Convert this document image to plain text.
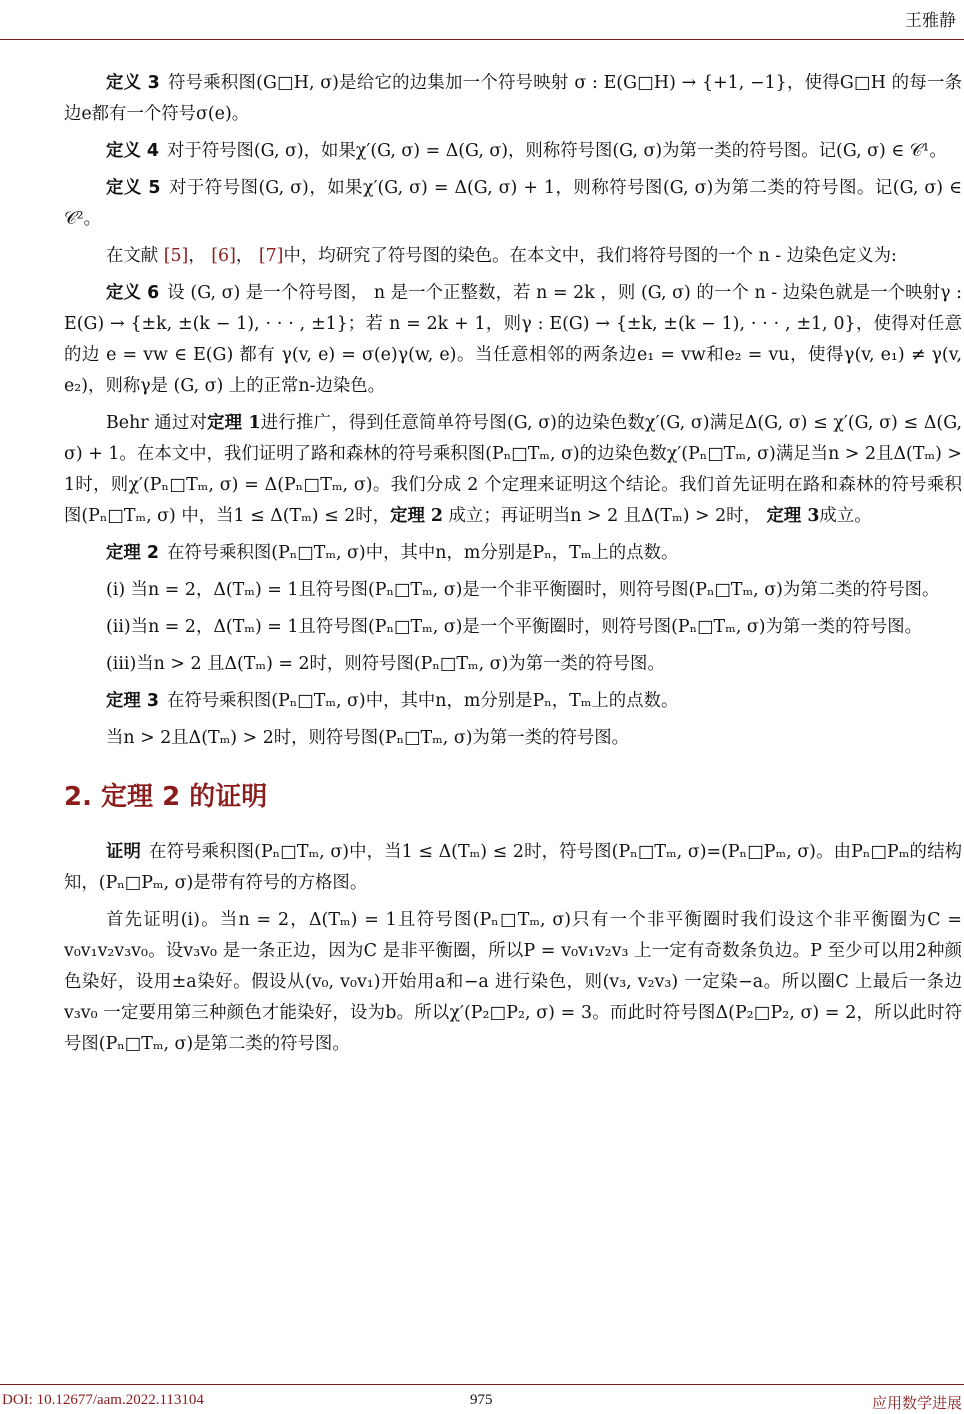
王雅静

定义 3 符号乘积图(G□H, σ)是给它的边集加一个符号映射 σ : E(G□H) → {+1, −1}，使得G□H 的每一条边e都有一个符号σ(e)。

定义 4 对于符号图(G, σ)，如果χ′(G, σ) = Δ(G, σ)，则称符号图(G, σ)为第一类的符号图。记(G, σ) ∈ 𝒞¹。

定义 5 对于符号图(G, σ)，如果χ′(G, σ) = Δ(G, σ) + 1，则称符号图(G, σ)为第二类的符号图。记(G, σ) ∈ 𝒞²。

在文献 [5]， [6]， [7]中，均研究了符号图的染色。在本文中，我们将符号图的一个 n - 边染色定义为:

定义 6 设 (G, σ) 是一个符号图， n 是一个正整数，若 n = 2k ，则 (G, σ) 的一个 n - 边染色就是一个映射γ : E(G) → {±k, ±(k − 1), · · · , ±1}；若 n = 2k + 1，则γ : E(G) → {±k, ±(k − 1), · · · , ±1, 0}，使得对任意的边 e = vw ∈ E(G) 都有 γ(v, e) = σ(e)γ(w, e)。当任意相邻的两条边e₁ = vw和e₂ = vu，使得γ(v, e₁) ≠ γ(v, e₂)，则称γ是 (G, σ) 上的正常n-边染色。

Behr 通过对定理 1进行推广，得到任意简单符号图(G, σ)的边染色数χ′(G, σ)满足Δ(G, σ) ≤ χ′(G, σ) ≤ Δ(G, σ) + 1。在本文中，我们证明了路和森林的符号乘积图(Pₙ□Tₘ, σ)的边染色数χ′(Pₙ□Tₘ, σ)满足当n > 2且Δ(Tₘ) > 1时，则χ′(Pₙ□Tₘ, σ) = Δ(Pₙ□Tₘ, σ)。我们分成 2 个定理来证明这个结论。我们首先证明在路和森林的符号乘积图(Pₙ□Tₘ, σ) 中，当1 ≤ Δ(Tₘ) ≤ 2时，定理 2 成立；再证明当n > 2 且Δ(Tₘ) > 2时， 定理 3成立。

定理 2 在符号乘积图(Pₙ□Tₘ, σ)中，其中n，m分别是Pₙ，Tₘ上的点数。

(i) 当n = 2，Δ(Tₘ) = 1且符号图(Pₙ□Tₘ, σ)是一个非平衡圈时，则符号图(Pₙ□Tₘ, σ)为第二类的符号图。

(ii)当n = 2，Δ(Tₘ) = 1且符号图(Pₙ□Tₘ, σ)是一个平衡圈时，则符号图(Pₙ□Tₘ, σ)为第一类的符号图。

(iii)当n > 2 且Δ(Tₘ) = 2时，则符号图(Pₙ□Tₘ, σ)为第一类的符号图。

定理 3 在符号乘积图(Pₙ□Tₘ, σ)中，其中n，m分别是Pₙ，Tₘ上的点数。

当n > 2且Δ(Tₘ) > 2时，则符号图(Pₙ□Tₘ, σ)为第一类的符号图。

2. 定理 2 的证明

证明 在符号乘积图(Pₙ□Tₘ, σ)中，当1 ≤ Δ(Tₘ) ≤ 2时，符号图(Pₙ□Tₘ, σ)=(Pₙ□Pₘ, σ)。由Pₙ□Pₘ的结构知，(Pₙ□Pₘ, σ)是带有符号的方格图。

首先证明(i)。当n = 2，Δ(Tₘ) = 1且符号图(Pₙ□Tₘ, σ)只有一个非平衡圈时我们设这个非平衡圈为C = v₀v₁v₂v₃v₀。设v₃v₀ 是一条正边，因为C 是非平衡圈，所以P = v₀v₁v₂v₃ 上一定有奇数条负边。P 至少可以用2种颜色染好，设用±a染好。假设从(v₀, v₀v₁)开始用a和−a 进行染色，则(v₃, v₂v₃) 一定染−a。所以圈C 上最后一条边v₃v₀ 一定要用第三种颜色才能染好，设为b。所以χ′(P₂□P₂, σ) = 3。而此时符号图Δ(P₂□P₂, σ) = 2，所以此时符号图(Pₙ□Tₘ, σ)是第二类的符号图。

DOI: 10.12677/aam.2022.113104	975	应用数学进展
